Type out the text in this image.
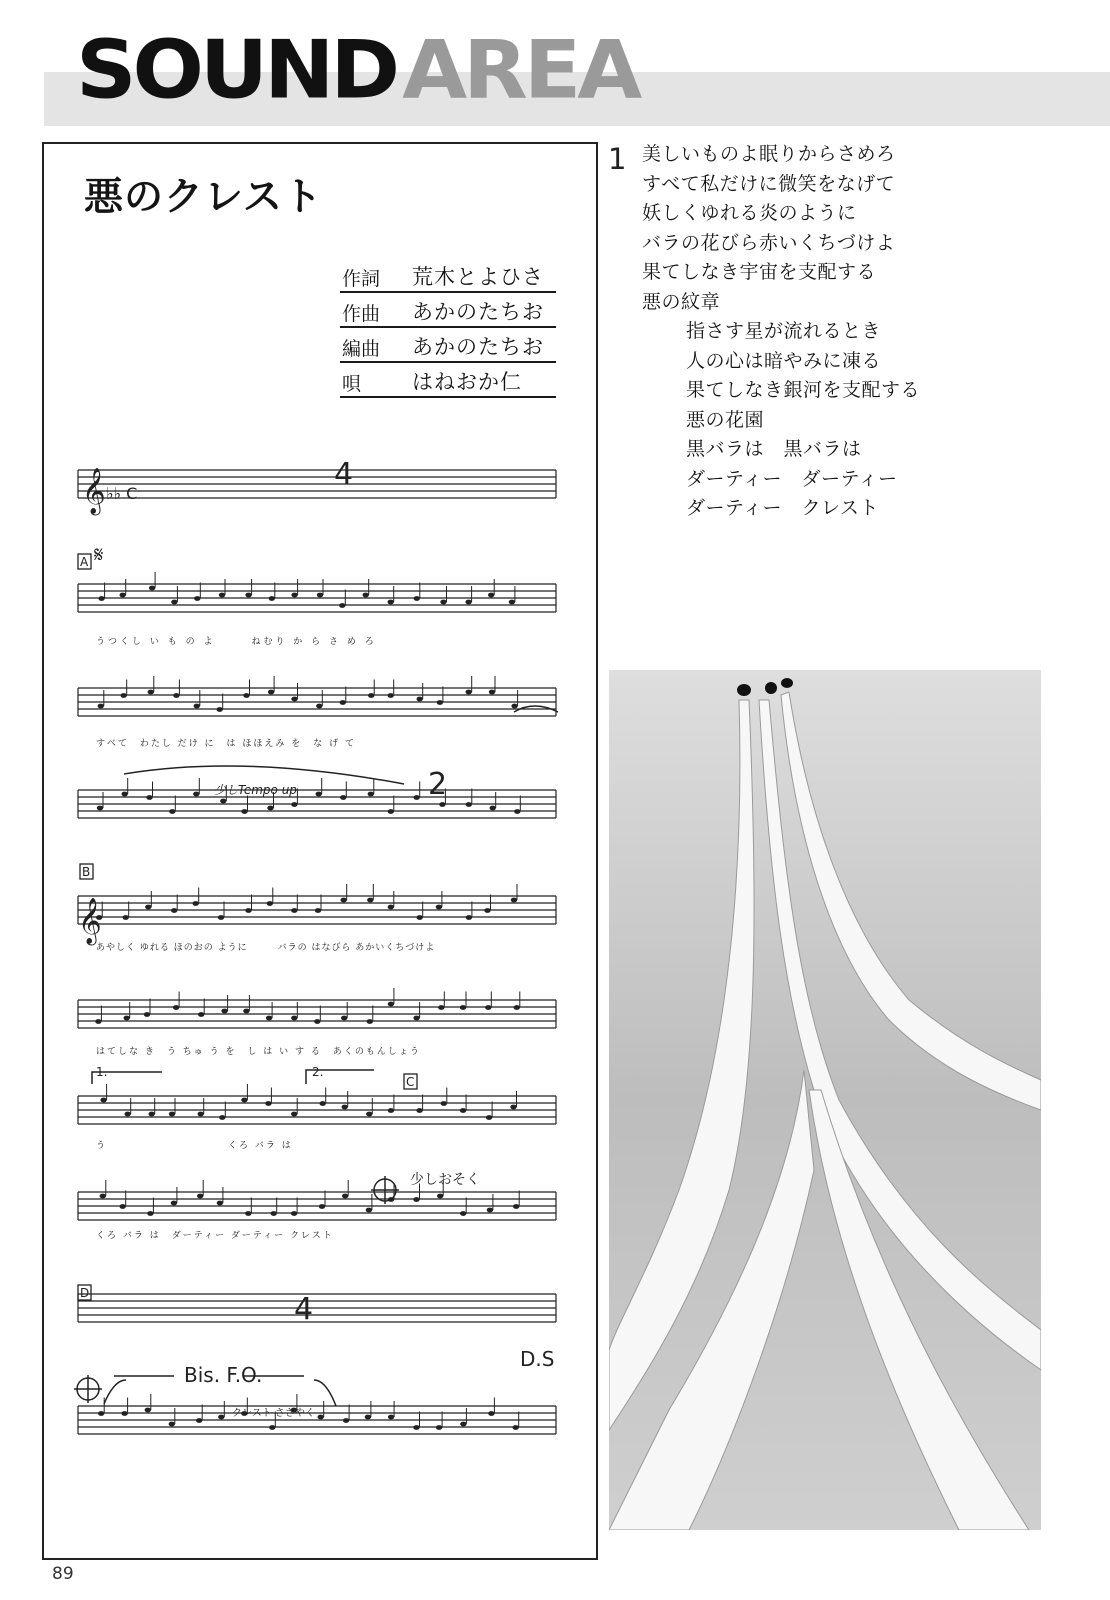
SOUNDAREA
悪のクレスト
作詞	荒木とよひさ
作曲	あかのたちお
編曲	あかのたちお
唄	はねおか仁
𝄞
𝄞
♭♭ C
𝄋
A
B
C
D
4
2
4
少しTempo up
少しおそく
1.	2.
D.S
Bis. F.O.
クレスト ささやく
うつくし い も の よ　　　ねむり か ら さ め ろ
すべて　わたし だけ に　は ほほえみ を　な げ て
あやしく ゆれる ほのおの ように　　　バラの はなびら あかいくちづけよ
はてしな き　う ちゅ う を　し は い す る　あくのもんしょう
う　　　　　　　　　　　くろ バラ は
くろ バラ は　ダーティー ダーティー クレスト
1 美しいものよ眠りからさめろ
すべて私だけに微笑をなげて
妖しくゆれる炎のように
バラの花びら赤いくちづけよ
果てしなき宇宙を支配する
悪の紋章
指さす星が流れるとき
人の心は暗やみに凍る
果てしなき銀河を支配する
悪の花園
黒バラは　黒バラは
ダーティー　ダーティー
ダーティー　クレスト
89
